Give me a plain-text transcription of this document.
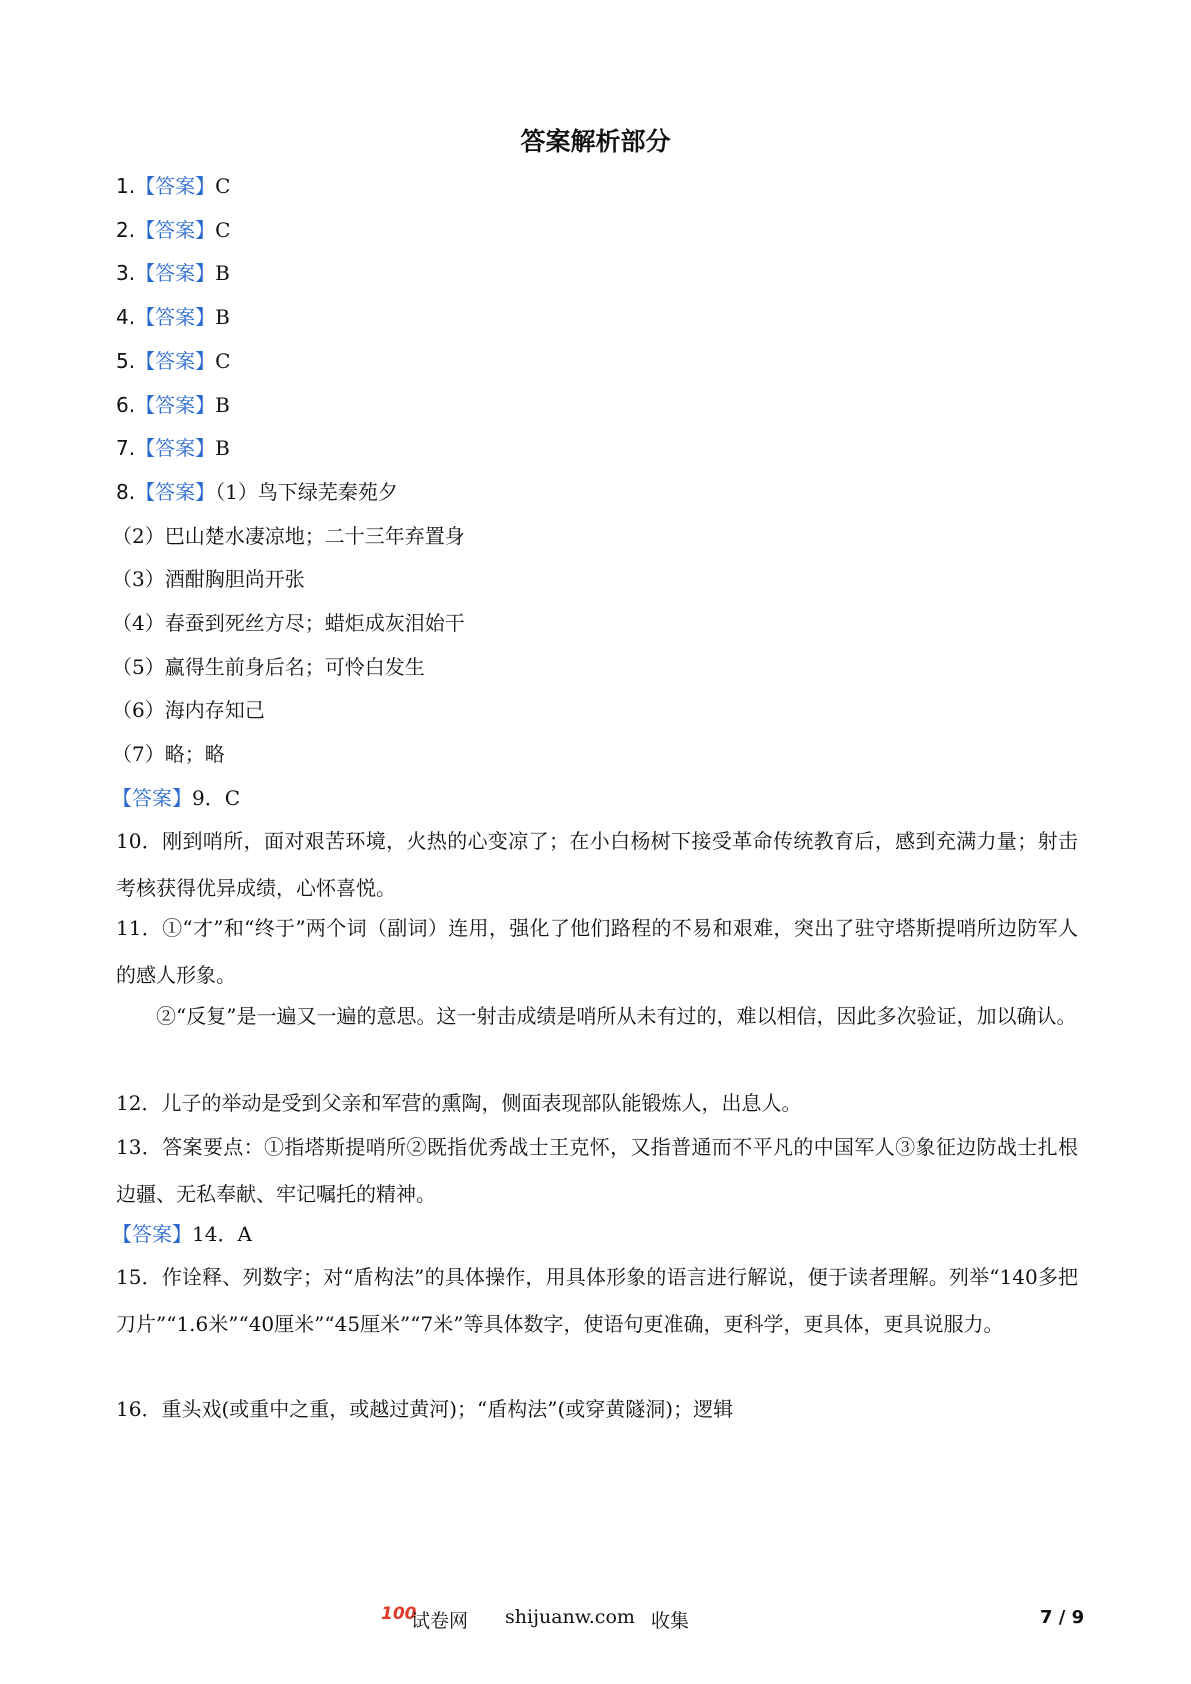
答案解析部分
1.【答案】C
2.【答案】C
3.【答案】B
4.【答案】B
5.【答案】C
6.【答案】B
7.【答案】B
8.【答案】（1）鸟下绿芜秦苑夕
（2）巴山楚水凄凉地；二十三年弃置身
（3）酒酣胸胆尚开张
（4）春蚕到死丝方尽；蜡炬成灰泪始干
（5）赢得生前身后名；可怜白发生
（6）海内存知己
（7）略；略
【答案】9．C
10．刚到哨所，面对艰苦环境，火热的心变凉了；在小白杨树下接受革命传统教育后，感到充满力量；射击考核获得优异成绩，心怀喜悦。
11．①“才”和“终于”两个词（副词）连用，强化了他们路程的不易和艰难，突出了驻守塔斯提哨所边防军人的感人形象。
②“反复”是一遍又一遍的意思。这一射击成绩是哨所从未有过的，难以相信，因此多次验证，加以确认。
12．儿子的举动是受到父亲和军营的熏陶，侧面表现部队能锻炼人，出息人。
13．答案要点：①指塔斯提哨所②既指优秀战士王克怀，又指普通而不平凡的中国军人③象征边防战士扎根边疆、无私奉献、牢记嘱托的精神。
【答案】14．A
15．作诠释、列数字；对“盾构法”的具体操作，用具体形象的语言进行解说，便于读者理解。列举“140多把刀片”“1.6米”“40厘米”“45厘米”“7米”等具体数字，使语句更准确，更科学，更具体，更具说服力。
16．重头戏(或重中之重，或越过黄河)；“盾构法”(或穿黄隧洞)；逻辑
100
试卷网 shijuanw.com 收集	7 / 9
